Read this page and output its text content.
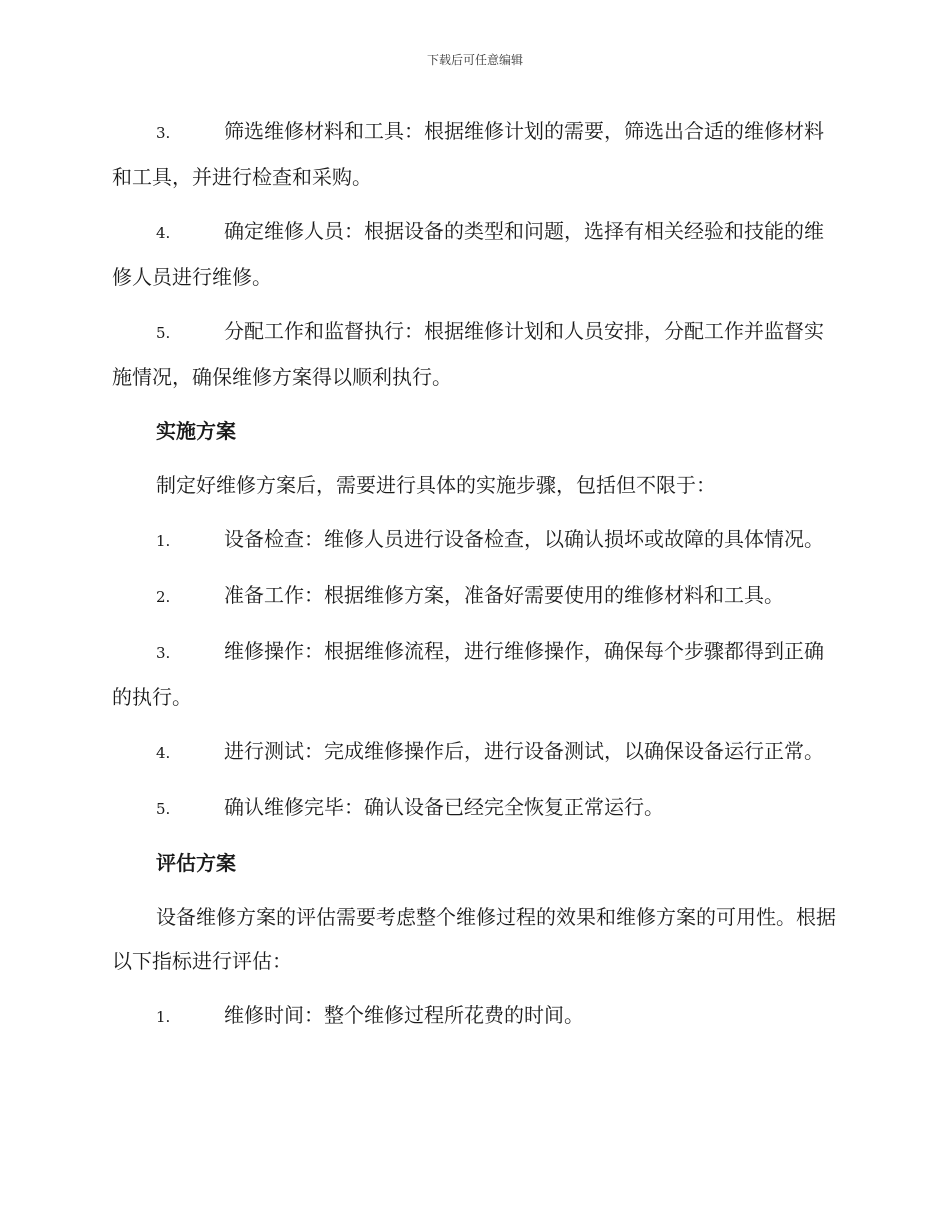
下载后可任意编辑
3.	筛选维修材料和工具：根据维修计划的需要，筛选出合适的维修材料和工具，并进行检查和采购。
4.	确定维修人员：根据设备的类型和问题，选择有相关经验和技能的维修人员进行维修。
5.	分配工作和监督执行：根据维修计划和人员安排，分配工作并监督实施情况，确保维修方案得以顺利执行。
实施方案
制定好维修方案后，需要进行具体的实施步骤，包括但不限于：
1.	设备检查：维修人员进行设备检查，以确认损坏或故障的具体情况。
2.	准备工作：根据维修方案，准备好需要使用的维修材料和工具。
3.	维修操作：根据维修流程，进行维修操作，确保每个步骤都得到正确的执行。
4.	进行测试：完成维修操作后，进行设备测试，以确保设备运行正常。
5.	确认维修完毕：确认设备已经完全恢复正常运行。
评估方案
设备维修方案的评估需要考虑整个维修过程的效果和维修方案的可用性。根据以下指标进行评估：
1.	维修时间：整个维修过程所花费的时间。
